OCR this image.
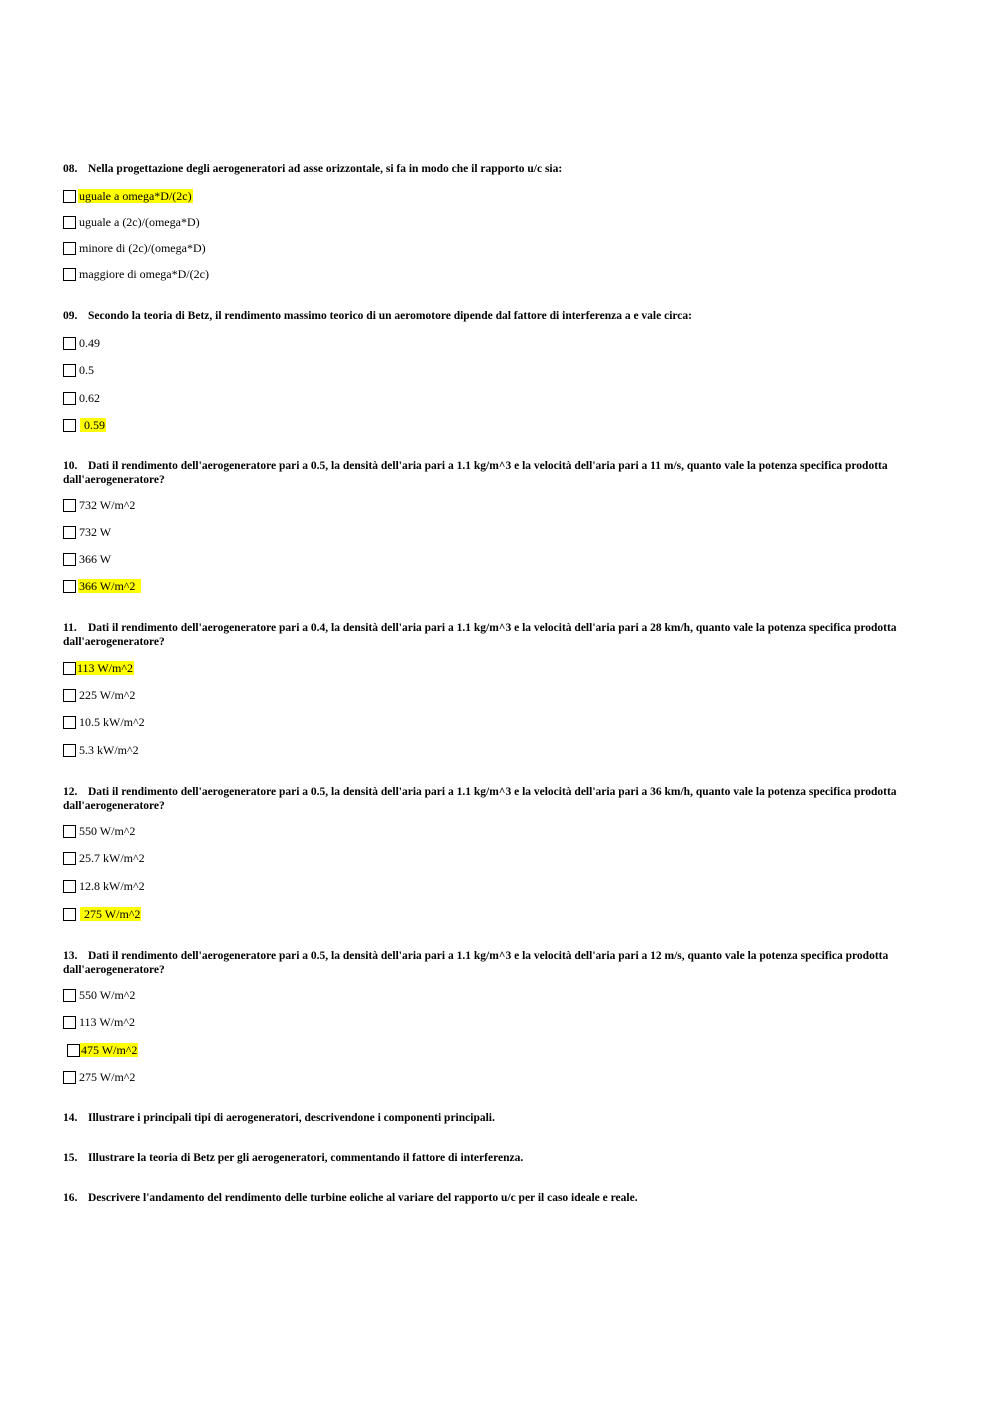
08. Nella progettazione degli aerogeneratori ad asse orizzontale, si fa in modo che il rapporto u/c sia:

uguale a omega*D/(2c)
uguale a (2c)/(omega*D)
minore di (2c)/(omega*D)
maggiore di omega*D/(2c)

09. Secondo la teoria di Betz, il rendimento massimo teorico di un aeromotore dipende dal fattore di interferenza a e vale circa:

0.49
0.5
0.62
0.59

10. Dati il rendimento dell'aerogeneratore pari a 0.5, la densità dell'aria pari a 1.1 kg/m^3 e la velocità dell'aria pari a 11 m/s, quanto vale la potenza specifica prodotta dall'aerogeneratore?

732 W/m^2
732 W
366 W
366 W/m^2

11. Dati il rendimento dell'aerogeneratore pari a 0.4, la densità dell'aria pari a 1.1 kg/m^3 e la velocità dell'aria pari a 28 km/h, quanto vale la potenza specifica prodotta dall'aerogeneratore?

113 W/m^2
225 W/m^2
10.5 kW/m^2
5.3 kW/m^2

12. Dati il rendimento dell'aerogeneratore pari a 0.5, la densità dell'aria pari a 1.1 kg/m^3 e la velocità dell'aria pari a 36 km/h, quanto vale la potenza specifica prodotta dall'aerogeneratore?

550 W/m^2
25.7 kW/m^2
12.8 kW/m^2
275 W/m^2

13. Dati il rendimento dell'aerogeneratore pari a 0.5, la densità dell'aria pari a 1.1 kg/m^3 e la velocità dell'aria pari a 12 m/s, quanto vale la potenza specifica prodotta dall'aerogeneratore?

550 W/m^2
113 W/m^2
475 W/m^2
275 W/m^2

14. Illustrare i principali tipi di aerogeneratori, descrivendone i componenti principali.

15. Illustrare la teoria di Betz per gli aerogeneratori, commentando il fattore di interferenza.

16. Descrivere l'andamento del rendimento delle turbine eoliche al variare del rapporto u/c per il caso ideale e reale.
